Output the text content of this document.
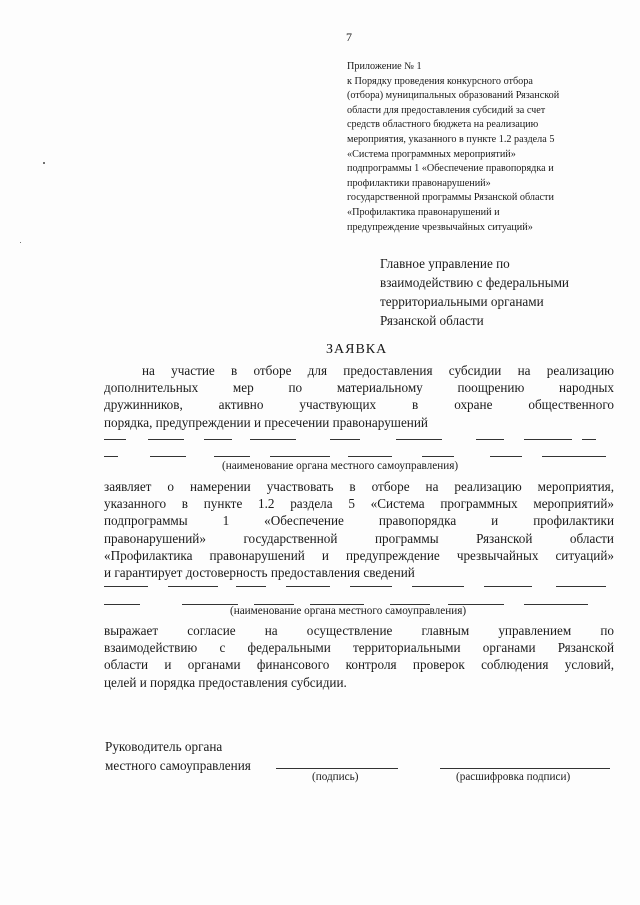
7
Приложение № 1
к Порядку проведения конкурсного отбора
(отбора) муниципальных образований Рязанской
области для предоставления субсидий за счет
средств областного бюджета на реализацию
мероприятия, указанного в пункте 1.2 раздела 5
«Система программных мероприятий»
подпрограммы 1 «Обеспечение правопорядка и
профилактики правонарушений»
государственной программы Рязанской области
«Профилактика правонарушений и
предупреждение чрезвычайных ситуаций»
Главное управление по
взаимодействию с федеральными
территориальными органами
Рязанской области
ЗАЯВКА
на участие в отборе для предоставления субсидии на реализацию
дополнительных мер по материальному поощрению народных
дружинников, активно участвующих в охране общественного
порядка, предупреждении и пресечении правонарушений
(наименование органа местного самоуправления)
заявляет о намерении участвовать в отборе на реализацию мероприятия,
указанного в пункте 1.2 раздела 5 «Система программных мероприятий»
подпрограммы 1 «Обеспечение правопорядка и профилактики
правонарушений» государственной программы Рязанской области
«Профилактика правонарушений и предупреждение чрезвычайных ситуаций»
и гарантирует достоверность предоставления сведений
(наименование органа местного самоуправления)
выражает согласие на осуществление главным управлением по
взаимодействию с федеральными территориальными органами Рязанской
области и органами финансового контроля проверок соблюдения условий,
целей и порядка предоставления субсидии.
Руководитель органа
местного самоуправления
(подпись)	(расшифровка подписи)
